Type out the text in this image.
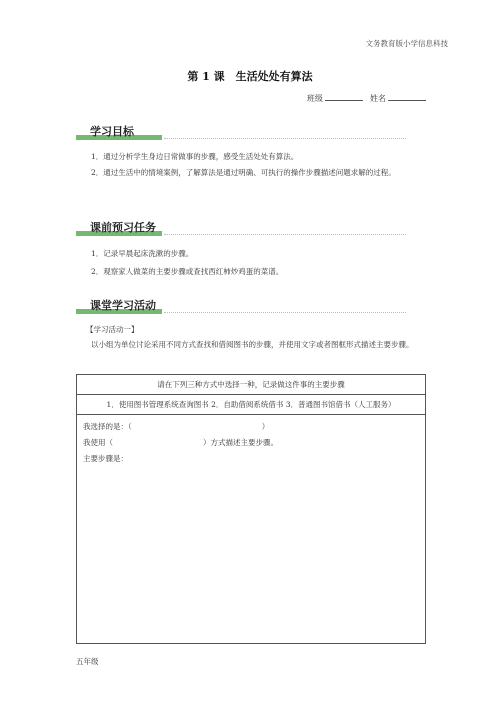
文务教育版小学信息科技
第 1 课　生活处处有算法
班级	姓名
学习目标
1．通过分析学生身边日常做事的步骤，感受生活处处有算法。
2．通过生活中的情境案例，了解算法是通过明确、可执行的操作步骤描述问题求解的过程。
课前预习任务
1．记录早晨起床洗漱的步骤。
2．观察家人做菜的主要步骤或查找西红柿炒鸡蛋的菜谱。
课堂学习活动
【学习活动一】
以小组为单位讨论采用不同方式查找和借阅图书的步骤，并使用文字或者图框形式描述主要步骤。
请在下列三种方式中选择一种，记录做这件事的主要步骤
1．使用图书管理系统查询图书 2．自助借阅系统借书 3．普通图书馆借书（人工服务）
我选择的是：（	）
我使用（	）方式描述主要步骤。
主要步骤是：
五年级
